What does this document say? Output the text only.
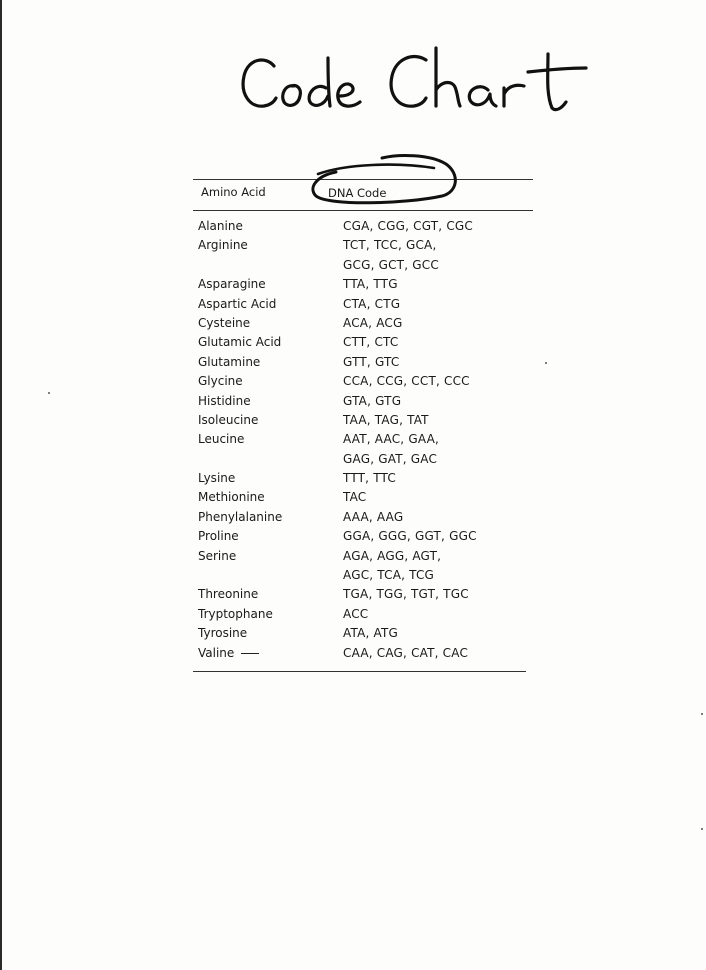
Amino Acid	DNA Code
Alanine	CGA, CGG, CGT, CGC
Arginine	TCT, TCC, GCA,
GCG, GCT, GCC
Asparagine	TTA, TTG
Aspartic Acid	CTA, CTG
Cysteine	ACA, ACG
Glutamic Acid	CTT, CTC
Glutamine	GTT, GTC
Glycine	CCA, CCG, CCT, CCC
Histidine	GTA, GTG
Isoleucine	TAA, TAG, TAT
Leucine	AAT, AAC, GAA,
GAG, GAT, GAC
Lysine	TTT, TTC
Methionine	TAC
Phenylalanine	AAA, AAG
Proline	GGA, GGG, GGT, GGC
Serine	AGA, AGG, AGT,
AGC, TCA, TCG
Threonine	TGA, TGG, TGT, TGC
Tryptophane	ACC
Tyrosine	ATA, ATG
Valine	CAA, CAG, CAT, CAC
